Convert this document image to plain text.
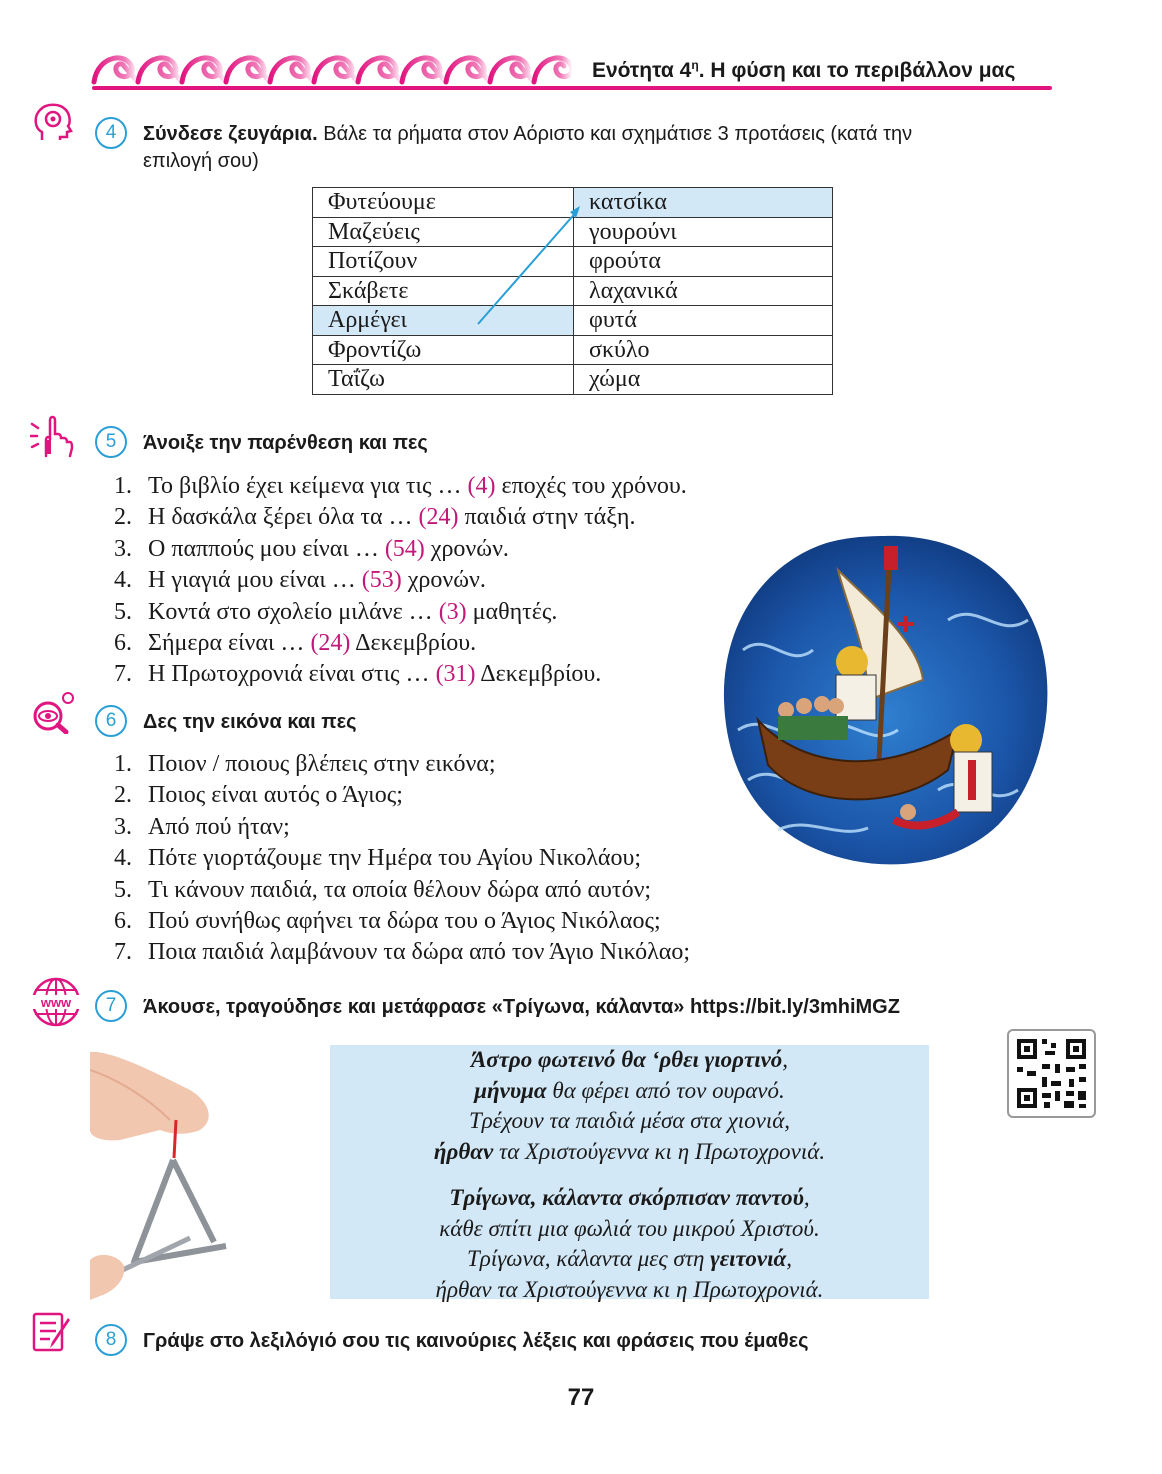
Ενότητα $4^\eta$. Η φύση και το περιβάλλον μας
4	Σύνδεσε ζευγάρια. Βάλε τα ρήματα στον Αόριστο και σχημάτισε 3 προτάσεις (κατά την
επιλογή σου)
Φυτεύουμε	κατσίκα
Μαζεύεις	γουρούνι
Ποτίζουν	φρούτα
Σκάβετε	λαχανικά
Αρμέγει	φυτά
Φροντίζω	σκύλο
Ταΐζω	χώμα
5	Άνοιξε την παρένθεση και πες
1. Το βιβλίο έχει κείμενα για τις … (4) εποχές του χρόνου.
2. Η δασκάλα ξέρει όλα τα … (24) παιδιά στην τάξη.
3. Ο παππούς μου είναι … (54) χρονών.
4. Η γιαγιά μου είναι … (53) χρονών.
5. Κοντά στο σχολείο μιλάνε … (3) μαθητές.
6. Σήμερα είναι … (24) Δεκεμβρίου.
7. Η Πρωτοχρονιά είναι στις … (31) Δεκεμβρίου.
6	Δες την εικόνα και πες
1. Ποιον / ποιους βλέπεις στην εικόνα;
2. Ποιος είναι αυτός ο Άγιος;
3. Από πού ήταν;
4. Πότε γιορτάζουμε την Ημέρα του Αγίου Νικολάου;
5. Τι κάνουν παιδιά, τα οποία θέλουν δώρα από αυτόν;
6. Πού συνήθως αφήνει τα δώρα του ο Άγιος Νικόλαος;
7. Ποια παιδιά λαμβάνουν τα δώρα από τον Άγιο Νικόλαο;
www	7	Άκουσε, τραγούδησε και μετάφρασε «Τρίγωνα, κάλαντα» https://bit.ly/3mhiMGZ
Άστρο φωτεινό θα ‘ρθει γιορτινό,
μήνυμα θα φέρει από τον ουρανό.
Τρέχουν τα παιδιά μέσα στα χιονιά,
ήρθαν τα Χριστούγεννα κι η Πρωτοχρονιά.
Τρίγωνα, κάλαντα σκόρπισαν παντού,
κάθε σπίτι μια φωλιά του μικρού Χριστού.
Τρίγωνα, κάλαντα μες στη γειτονιά,
ήρθαν τα Χριστούγεννα κι η Πρωτοχρονιά.
8	Γράψε στο λεξιλόγιό σου τις καινούριες λέξεις και φράσεις που έμαθες
77
